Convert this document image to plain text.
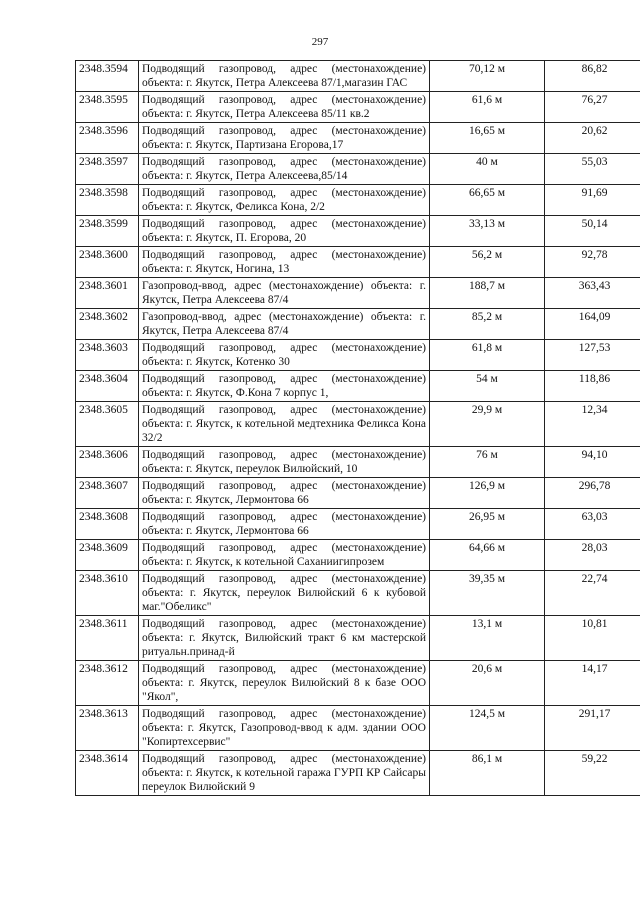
297
2348.3594	Подводящий газопровод, адрес (местонахождение) объекта: г. Якутск, Петра Алексеева 87/1,магазин ГАС	70,12 м	86,82
2348.3595	Подводящий газопровод, адрес (местонахождение) объекта: г. Якутск, Петра Алексеева 85/11 кв.2	61,6 м	76,27
2348.3596	Подводящий газопровод, адрес (местонахождение) объекта: г. Якутск, Партизана Егорова,17	16,65 м	20,62
2348.3597	Подводящий газопровод, адрес (местонахождение) объекта: г. Якутск, Петра Алексеева,85/14	40 м	55,03
2348.3598	Подводящий газопровод, адрес (местонахождение) объекта: г. Якутск, Феликса Кона, 2/2	66,65 м	91,69
2348.3599	Подводящий газопровод, адрес (местонахождение) объекта: г. Якутск, П. Егорова, 20	33,13 м	50,14
2348.3600	Подводящий газопровод, адрес (местонахождение) объекта: г. Якутск, Ногина, 13	56,2 м	92,78
2348.3601	Газопровод-ввод, адрес (местонахождение) объекта: г. Якутск, Петра Алексеева 87/4	188,7 м	363,43
2348.3602	Газопровод-ввод, адрес (местонахождение) объекта: г. Якутск, Петра Алексеева 87/4	85,2 м	164,09
2348.3603	Подводящий газопровод, адрес (местонахождение) объекта: г. Якутск, Котенко 30	61,8 м	127,53
2348.3604	Подводящий газопровод, адрес (местонахождение) объекта: г. Якутск, Ф.Кона 7 корпус 1,	54 м	118,86
2348.3605	Подводящий газопровод, адрес (местонахождение) объекта: г. Якутск, к котельной медтехника Феликса Кона 32/2	29,9 м	12,34
2348.3606	Подводящий газопровод, адрес (местонахождение) объекта: г. Якутск, переулок Вилюйский, 10	76 м	94,10
2348.3607	Подводящий газопровод, адрес (местонахождение) объекта: г. Якутск, Лермонтова 66	126,9 м	296,78
2348.3608	Подводящий газопровод, адрес (местонахождение) объекта: г. Якутск, Лермонтова 66	26,95 м	63,03
2348.3609	Подводящий газопровод, адрес (местонахождение) объекта: г. Якутск, к котельной Саханиигипрозем	64,66 м	28,03
2348.3610	Подводящий газопровод, адрес (местонахождение) объекта: г. Якутск, переулок Вилюйский 6 к кубовой маг."Обеликс"	39,35 м	22,74
2348.3611	Подводящий газопровод, адрес (местонахождение) объекта: г. Якутск, Вилюйский тракт 6 км мастерской ритуальн.принад-й	13,1 м	10,81
2348.3612	Подводящий газопровод, адрес (местонахождение) объекта: г. Якутск, переулок Вилюйский 8 к базе ООО "Якол",	20,6 м	14,17
2348.3613	Подводящий газопровод, адрес (местонахождение) объекта: г. Якутск, Газопровод-ввод к адм. здании ООО "Копиртехсервис"	124,5 м	291,17
2348.3614	Подводящий газопровод, адрес (местонахождение) объекта: г. Якутск, к котельной гаража ГУРП КР Сайсары переулок Вилюйский 9	86,1 м	59,22
